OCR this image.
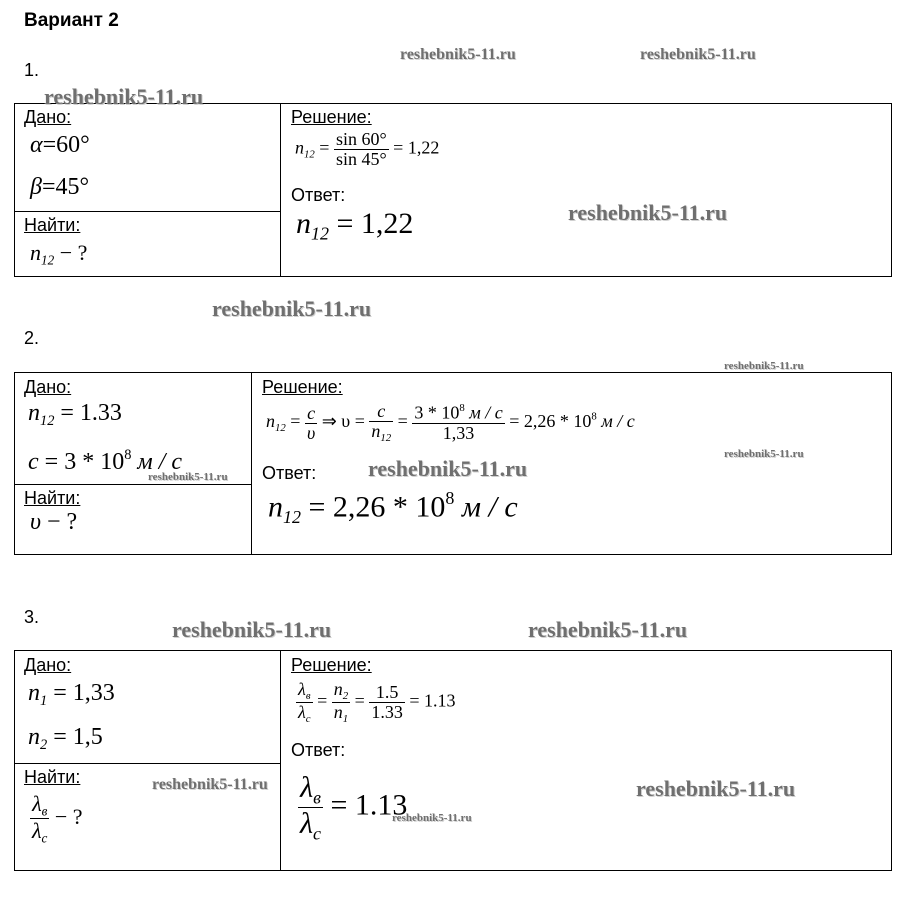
Вариант 2
1.
Дано:
α=60°
β=45°
Найти:
$n_{12}$ − ?
Решение:
$n_{12} = \frac{\sin 60^\circ}{\sin 45^\circ} = 1,22$
Ответ:
$n_{12} = 1,22$
2.
Дано:
$n_{12} = 1.33$
$c = 3 * 10^8$ м / с
Найти:
υ − ?
Решение:
$n_{12} = \frac{c}{\upsilon}$ ⇒ $\upsilon = \frac{c}{n_{12}} = \frac{3 * 10^8 м / с}{1,33} = 2,26 * 10^8$ м / с
Ответ:
$n_{12} = 2,26 * 10^8$ м / с
3.
Дано:
$n_1 = 1,33$
$n_2 = 1,5$
Найти:
$\frac{\lambda_в}{\lambda_с}$ − ?
Решение:
$\frac{\lambda_в}{\lambda_с} = \frac{n_2}{n_1} = \frac{1.5}{1.33} = 1.13$
Ответ:
$\frac{\lambda_в}{\lambda_с} = 1.13$
reshebnik5-11.ru	reshebnik5-11.ru
reshebnik5-11.ru
reshebnik5-11.ru
reshebnik5-11.ru
reshebnik5-11.ru
reshebnik5-11.ru
reshebnik5-11.ru	reshebnik5-11.ru
reshebnik5-11.ru	reshebnik5-11.ru
reshebnik5-11.ru	reshebnik5-11.ru
reshebnik5-11.ru
